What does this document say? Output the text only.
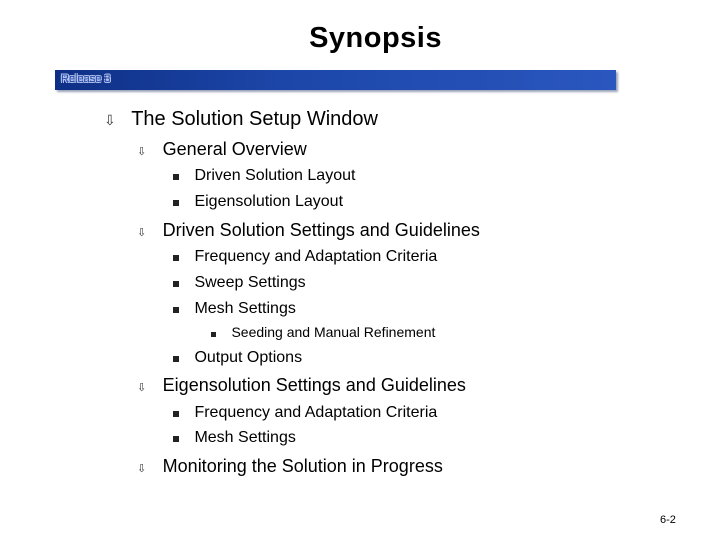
Synopsis
Release 3
⇩ The Solution Setup Window
⇩ General Overview
Driven Solution Layout
Eigensolution Layout
⇩ Driven Solution Settings and Guidelines
Frequency and Adaptation Criteria
Sweep Settings
Mesh Settings
Seeding and Manual Refinement
Output Options
⇩ Eigensolution Settings and Guidelines
Frequency and Adaptation Criteria
Mesh Settings
⇩ Monitoring the Solution in Progress
6-2
